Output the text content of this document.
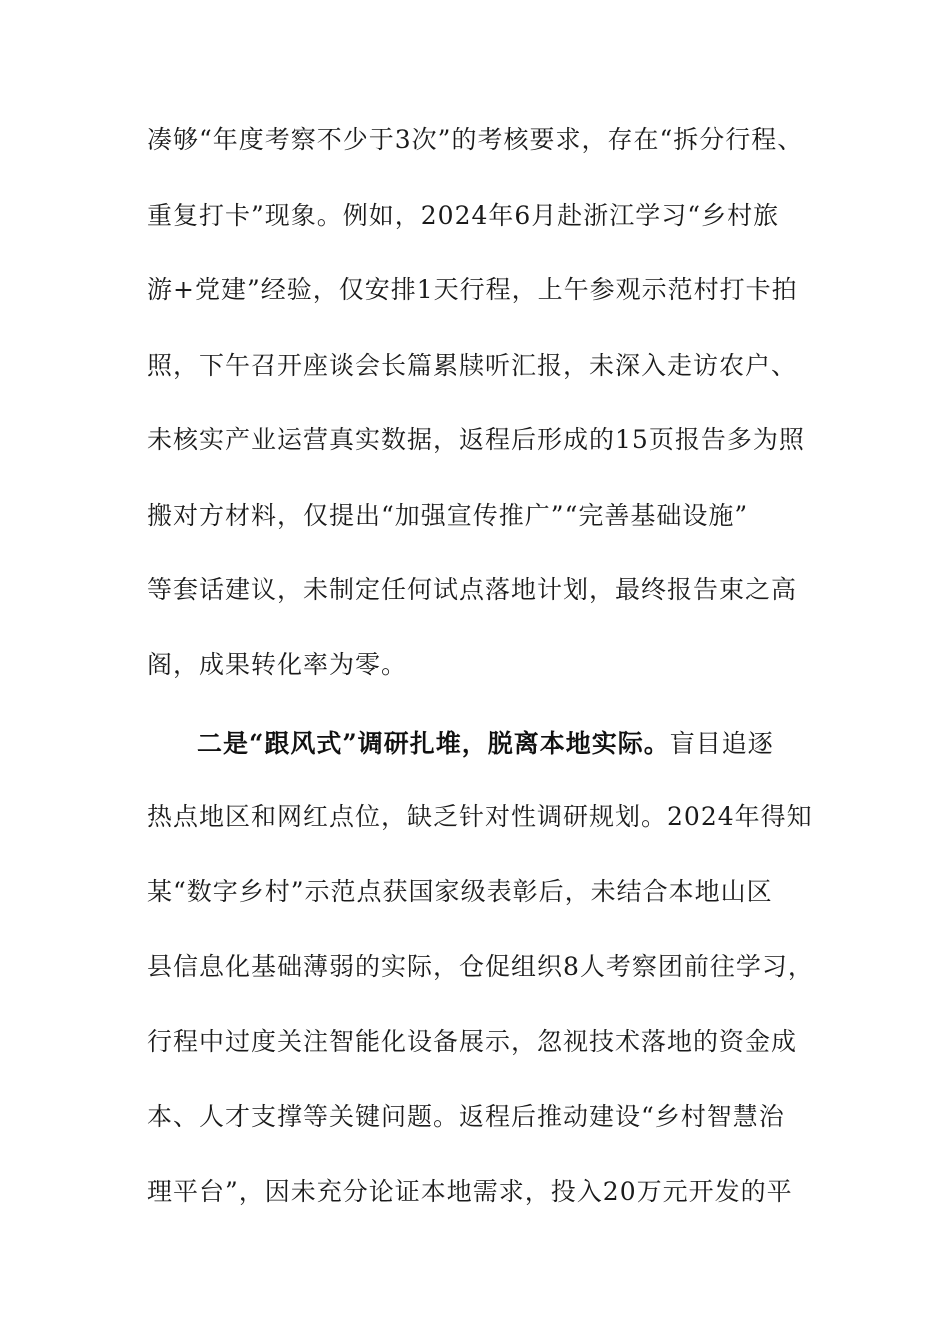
凑够“年度考察不少于3次”的考核要求，存在“拆分行程、
重复打卡”现象。例如，2024年6月赴浙江学习“乡村旅
游+党建”经验，仅安排1天行程，上午参观示范村打卡拍
照，下午召开座谈会长篇累牍听汇报，未深入走访农户、
未核实产业运营真实数据，返程后形成的15页报告多为照
搬对方材料，仅提出“加强宣传推广”“完善基础设施”
等套话建议，未制定任何试点落地计划，最终报告束之高
阁，成果转化率为零。
二是“跟风式”调研扎堆，脱离本地实际。盲目追逐
热点地区和网红点位，缺乏针对性调研规划。2024年得知
某“数字乡村”示范点获国家级表彰后，未结合本地山区
县信息化基础薄弱的实际，仓促组织8人考察团前往学习，
行程中过度关注智能化设备展示，忽视技术落地的资金成
本、人才支撑等关键问题。返程后推动建设“乡村智慧治
理平台”，因未充分论证本地需求，投入20万元开发的平
